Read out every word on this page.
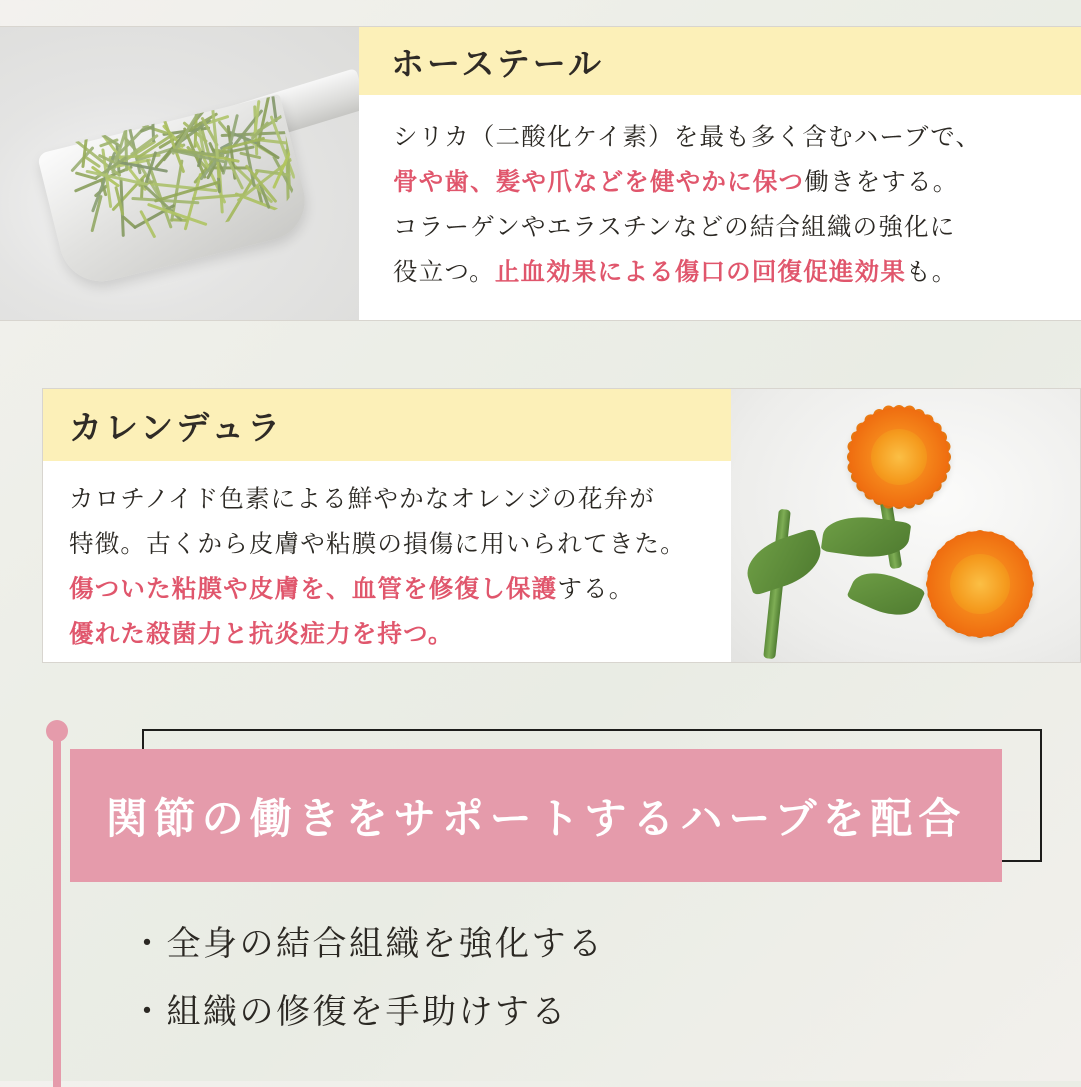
ホーステール
シリカ（二酸化ケイ素）を最も多く含むハーブで、
骨や歯、髪や爪などを健やかに保つ働きをする。
コラーゲンやエラスチンなどの結合組織の強化に
役立つ。止血効果による傷口の回復促進効果も。
カレンデュラ
カロチノイド色素による鮮やかなオレンジの花弁が
特徴。古くから皮膚や粘膜の損傷に用いられてきた。
傷ついた粘膜や皮膚を、血管を修復し保護する。
優れた殺菌力と抗炎症力を持つ。
関節の働きをサポートするハーブを配合
・全身の結合組織を強化する
・組織の修復を手助けする
